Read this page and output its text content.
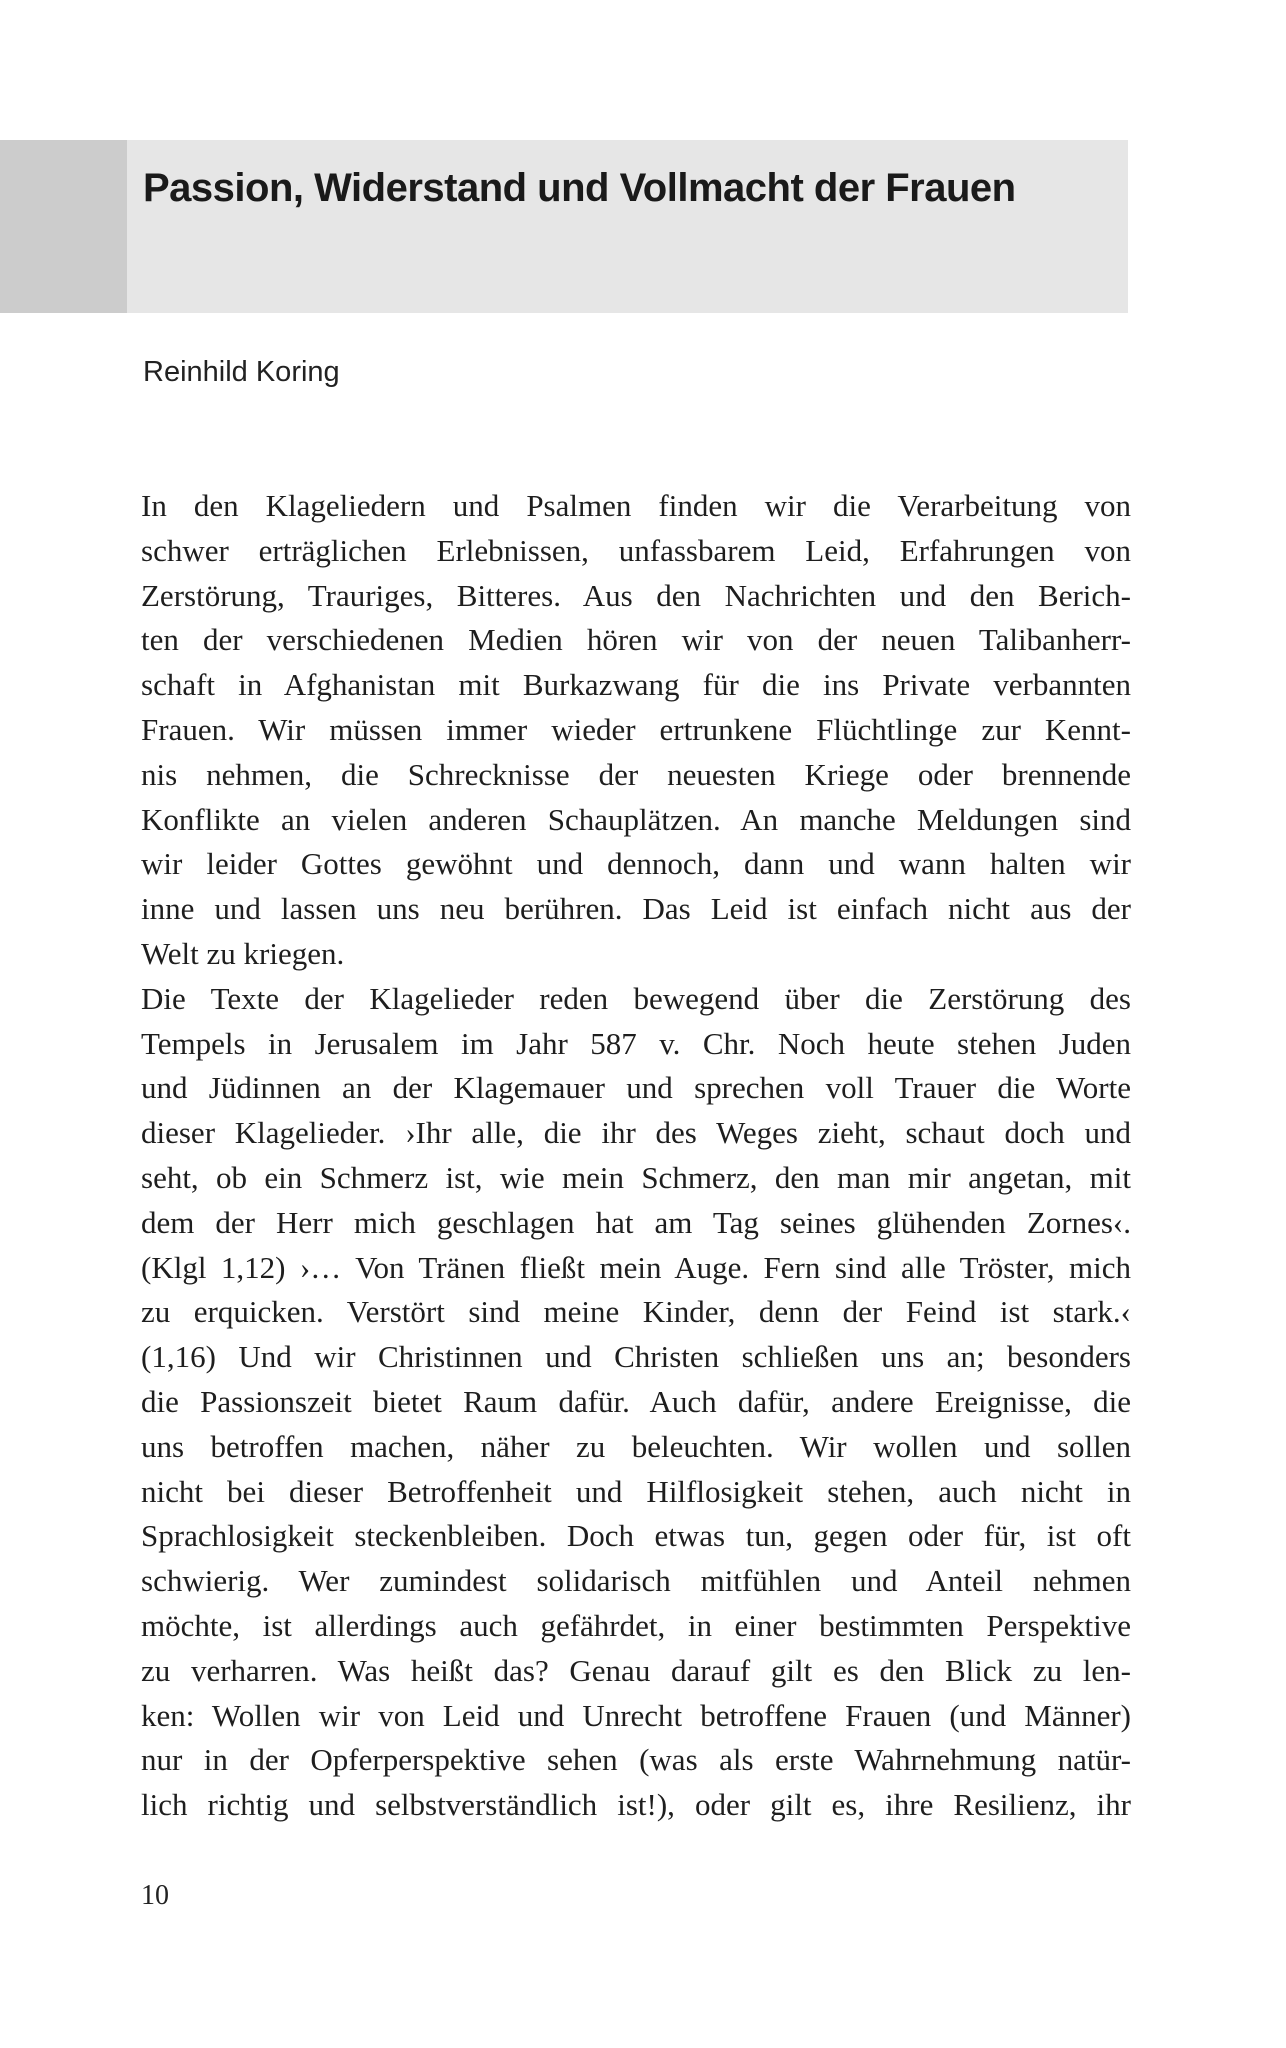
Passion, Widerstand und Vollmacht der Frauen
Reinhild Koring
In den Klageliedern und Psalmen finden wir die Verarbeitung von
schwer erträglichen Erlebnissen, unfassbarem Leid, Erfahrungen von
Zerstörung, Trauriges, Bitteres. Aus den Nachrichten und den Berich-
ten der verschiedenen Medien hören wir von der neuen Talibanherr-
schaft in Afghanistan mit Burkazwang für die ins Private verbannten
Frauen. Wir müssen immer wieder ertrunkene Flüchtlinge zur Kennt-
nis nehmen, die Schrecknisse der neuesten Kriege oder brennende
Konflikte an vielen anderen Schauplätzen. An manche Meldungen sind
wir leider Gottes gewöhnt und dennoch, dann und wann halten wir
inne und lassen uns neu berühren. Das Leid ist einfach nicht aus der
Welt zu kriegen.
Die Texte der Klagelieder reden bewegend über die Zerstörung des
Tempels in Jerusalem im Jahr 587 v. Chr. Noch heute stehen Juden
und Jüdinnen an der Klagemauer und sprechen voll Trauer die Worte
dieser Klagelieder. ›Ihr alle, die ihr des Weges zieht, schaut doch und
seht, ob ein Schmerz ist, wie mein Schmerz, den man mir angetan, mit
dem der Herr mich geschlagen hat am Tag seines glühenden Zornes‹.
(Klgl 1,12) ›… Von Tränen fließt mein Auge. Fern sind alle Tröster, mich
zu erquicken. Verstört sind meine Kinder, denn der Feind ist stark.‹
(1,16) Und wir Christinnen und Christen schließen uns an; besonders
die Passionszeit bietet Raum dafür. Auch dafür, andere Ereignisse, die
uns betroffen machen, näher zu beleuchten. Wir wollen und sollen
nicht bei dieser Betroffenheit und Hilflosigkeit stehen, auch nicht in
Sprachlosigkeit steckenbleiben. Doch etwas tun, gegen oder für, ist oft
schwierig. Wer zumindest solidarisch mitfühlen und Anteil nehmen
möchte, ist allerdings auch gefährdet, in einer bestimmten Perspektive
zu verharren. Was heißt das? Genau darauf gilt es den Blick zu len-
ken: Wollen wir von Leid und Unrecht betroffene Frauen (und Männer)
nur in der Opferperspektive sehen (was als erste Wahrnehmung natür-
lich richtig und selbstverständlich ist!), oder gilt es, ihre Resilienz, ihr
10
